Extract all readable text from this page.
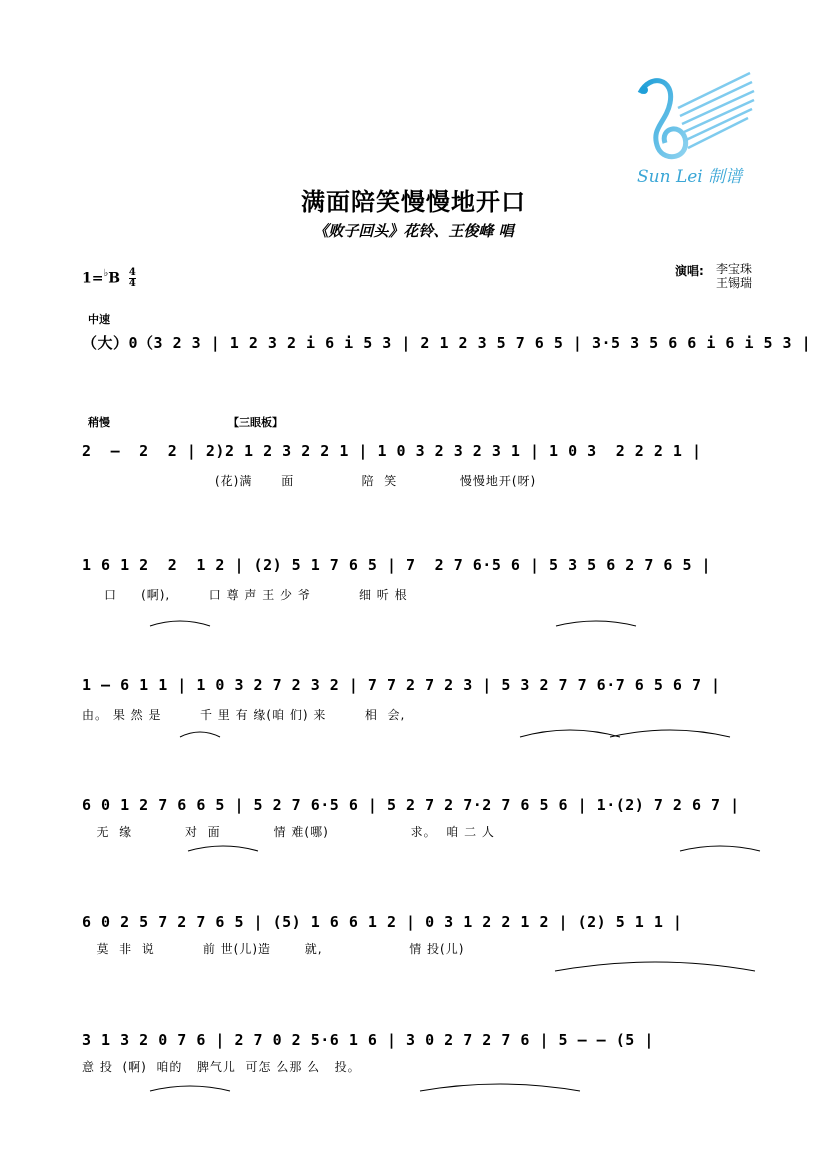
Sun Lei 制谱
满面陪笑慢慢地开口
《败子回头》花铃、王俊峰 唱
$1=^♭B \frac{4}{4}$	演唱: 李宝珠
王锡瑞
中速
（大）0（3 2 3 | 1 2 3 2 i 6 i 5 3 | 2 1 2 3 5 7 6 5 | 3·5 3 5 6 6 i 6 i 5 3 |
稍慢	【三眼板】
2  –  2  2 | 2)2 1 2 3 2 2 1 | 1 0 3 2 3 2 3 1 | 1 0 3  2 2 2 1 |
(花)满      面              陪  笑             慢慢地开(呀)
1 6 1 2  2  1 2 | (2) 5 1 7 6 5 | 7  2 7 6·5 6 | 5 3 5 6 2 7 6 5 |
口     (啊),        口 尊 声 王 少 爷          细 听 根
1 – 6 1 1 | 1 0 3 2 7 2 3 2 | 7 7 2 7 2 3 | 5 3 2 7 7 6·7 6 5 6 7 |
由。 果 然 是        千 里 有 缘(咱 们) 来        相  会,
6 0 1 2 7 6 6 5 | 5 2 7 6·5 6 | 5 2 7 2 7·2 7 6 5 6 | 1·(2) 7 2 6 7 |
无  缘           对  面           情 难(哪)                 求。  咱 二 人
6 0 2 5 7 2 7 6 5 | (5) 1 6 6 1 2 | 0 3 1 2 2 1 2 | (2) 5 1 1 |
莫  非  说          前 世(儿)造       就,                  情 投(儿)
3 1 3 2 0 7 6 | 2 7 0 2 5·6 1 6 | 3 0 2 7 2 7 6 | 5 – – (5 |
意 投  (啊)  咱的   脾气儿  可怎 么那 么   投。
